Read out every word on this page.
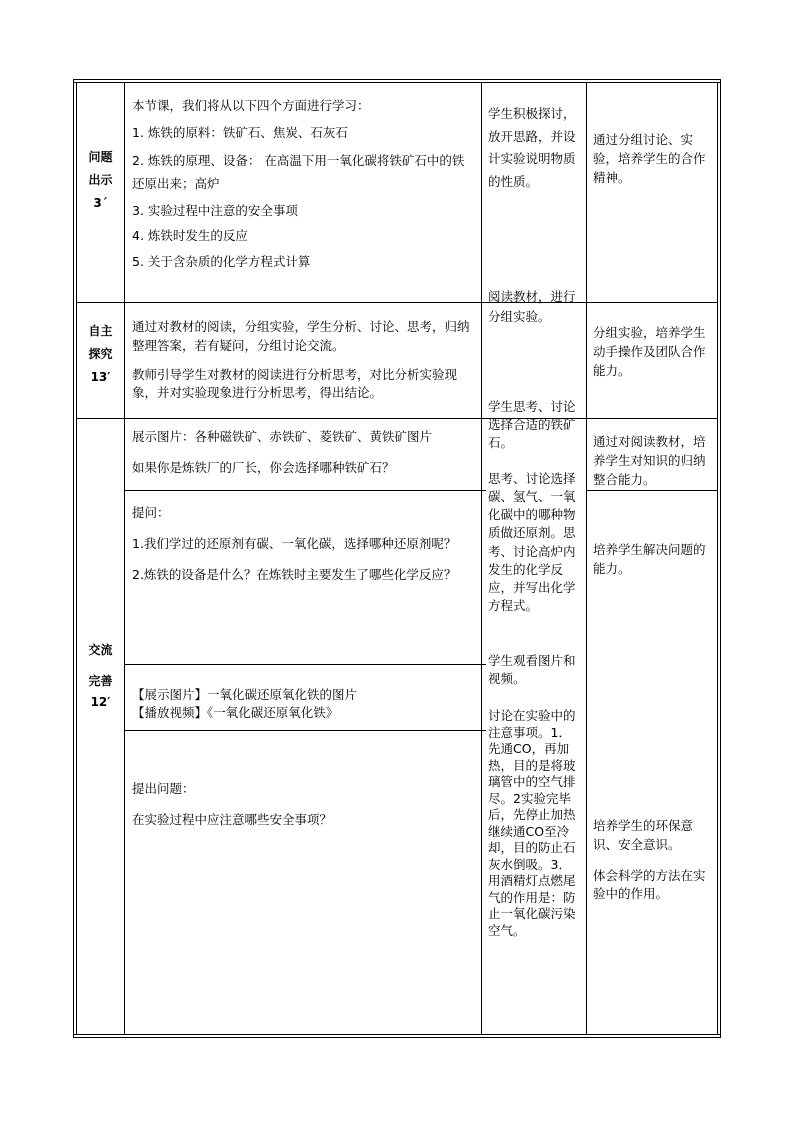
问题
出示
3´

本节课，我们将从以下四个方面进行学习：

1. 炼铁的原料：铁矿石、焦炭、石灰石

2. 炼铁的原理、设备： 在高温下用一氧化碳将铁矿石中的铁还原出来；高炉

3. 实验过程中注意的安全事项

4. 炼铁时发生的反应

5. 关于含杂质的化学方程式计算

学生积极探讨，放开思路，并设计实验说明物质的性质。

通过分组讨论、实验，培养学生的合作精神。

自主
探究
13′

通过对教材的阅读，分组实验，学生分析、讨论、思考，归纳整理答案，若有疑问，分组讨论交流。

教师引导学生对教材的阅读进行分析思考，对比分析实验现象，并对实验现象进行分析思考，得出结论。

阅读教材，进行分组实验。

分组实验，培养学生动手操作及团队合作能力。

交流
完善
12′

展示图片：各种磁铁矿、赤铁矿、菱铁矿、黄铁矿图片

如果你是炼铁厂的厂长，你会选择哪种铁矿石？

学生思考、讨论选择合适的铁矿石。	通过对阅读教材，培养学生对知识的归纳整合能力。

提问：

1.我们学过的还原剂有碳、一氧化碳，选择哪种还原剂呢？

2.炼铁的设备是什么？在炼铁时主要发生了哪些化学反应？

思考、讨论选择碳、氢气、一氧化碳中的哪种物质做还原剂。思考、讨论高炉内发生的化学反应，并写出化学方程式。

培养学生解决问题的能力。

【展示图片】一氧化碳还原氧化铁的图片

【播放视频】《一氧化碳还原氧化铁》

学生观看图片和视频。

提出问题：

在实验过程中应注意哪些安全事项？

讨论在实验中的注意事项。1．先通CO，再加热，目的是将玻璃管中的空气排尽。2实验完毕后，先停止加热继续通CO至冷却，目的防止石灰水倒吸。3．用酒精灯点燃尾气的作用是：防止一氧化碳污染空气。

培养学生的环保意识、安全意识。

体会科学的方法在实验中的作用。
